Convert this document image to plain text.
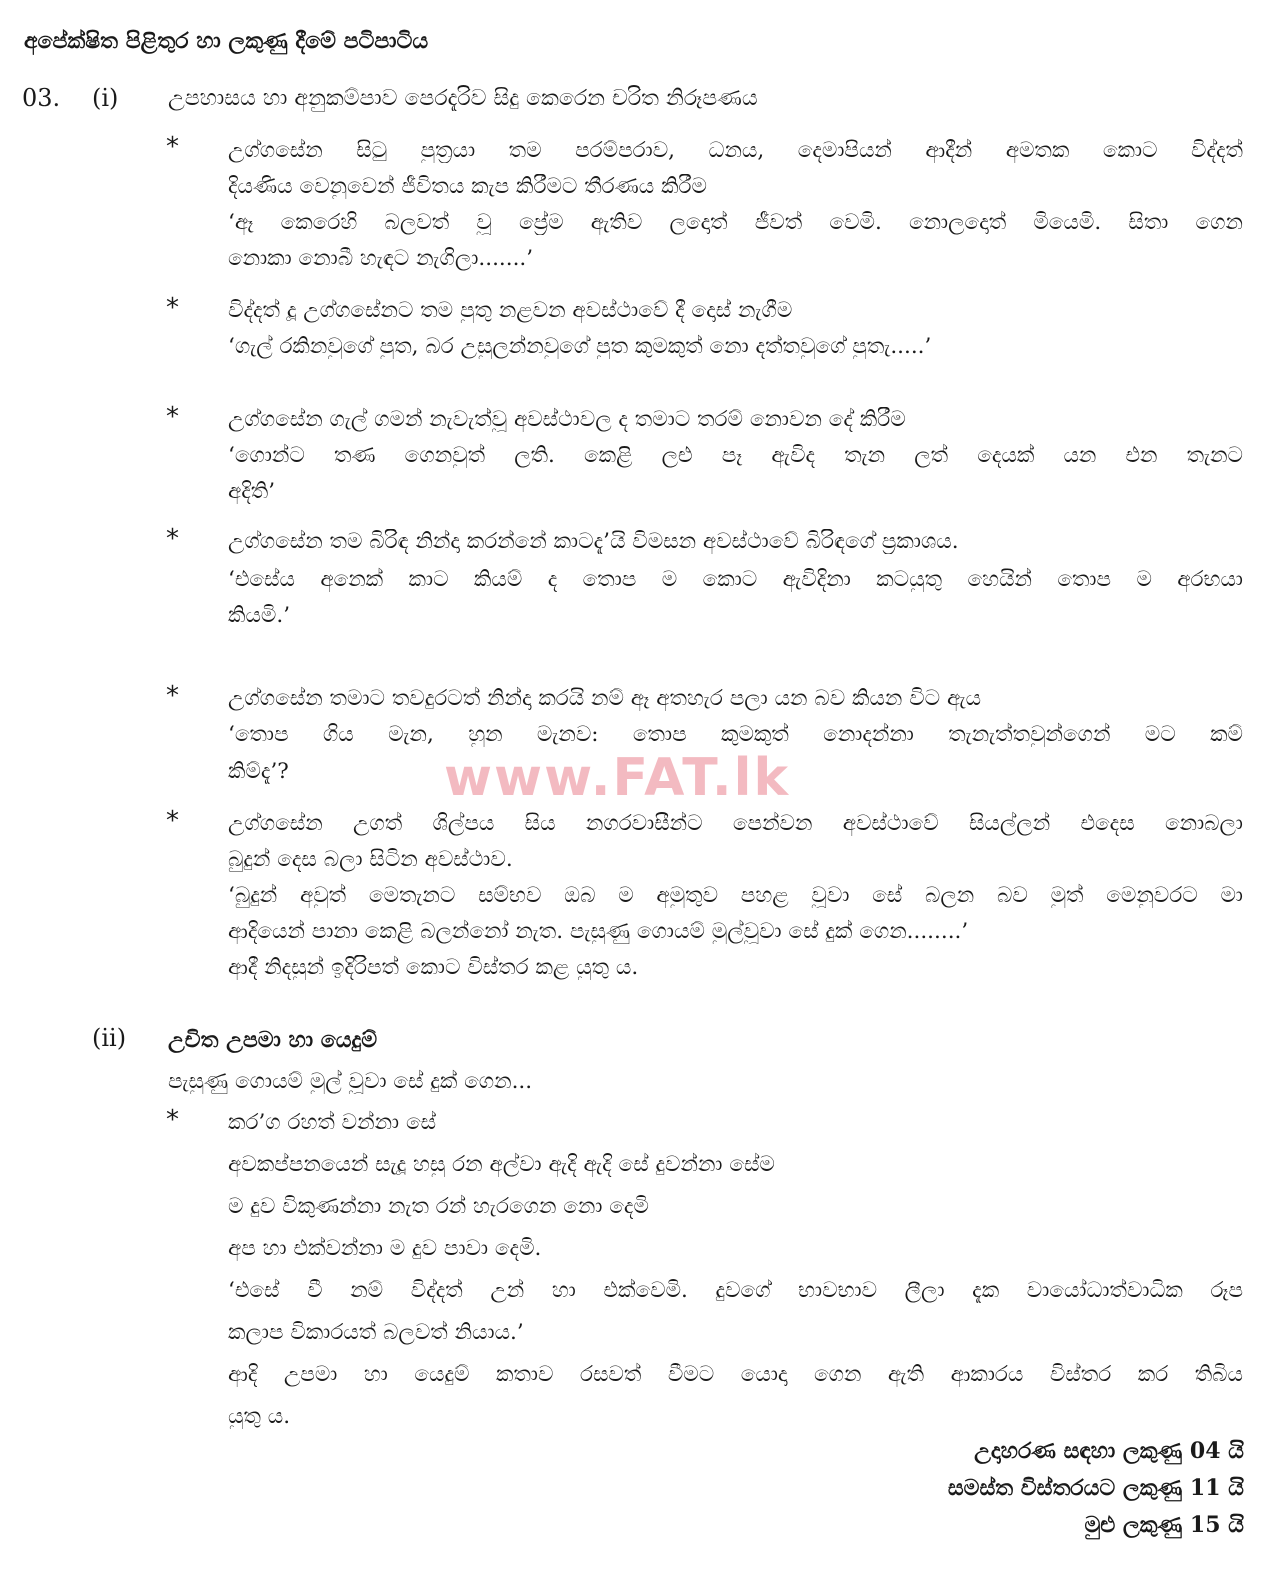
අපේක්ෂිත පිළිතුර හා ලකුණු දීමේ පටිපාටිය
03. (i) උපහාසය හා අනුකම්පාව පෙරදැරිව සිදු කෙරෙන චරිත නිරූපණය
* උග්ගසේන සිටු පුත්‍රයා තම පරම්පරාව, ධනය, දෙමාපියන් ආදීන් අමතක කොට විද්දත්
දියණිය වෙනුවෙන් ජීවිතය කැප කිරීමට තීරණය කිරීම
‘ඈ කෙරෙහි බලවත් වූ ප්‍රේම ඇතිව ලදොත් ජීවත් වෙමි. නොලදොත් මියෙමි. සිතා ගෙන
නොකා නොබී හැඳට නැගිලා.......’
* විද්දත් දූ උග්ගසේනට තම පුතු නළවන අවස්ථාවේ දී දොස් නැගීම
‘ගැල් රකිනවුගේ පුත, බර උසුලන්නවුගේ පුත කුමකුත් නො දත්තවුගේ පුතැ.....’
* උග්ගසේන ගැල් ගමන් නැවැත්වූ අවස්ථාවල ද තමාට තරම් නොවන දේ කිරීම
‘ගොන්ට තණ ගෙනවුත් ලති. කෙළි ලළු පෑ ඇවිද තැන ලත් දෙයක් යන එන තැනට
අදිති’
* උග්ගසේන තම බිරිඳ නින්දා කරන්නේ කාටදැ’යි විමසන අවස්ථාවේ බිරිඳගේ ප්‍රකාශය.
‘එසේය අනෙක් කාට කියම් ද තොප ම කොට ඇවිදිනා කටයුතු හෙයින් තොප ම අරභයා
කියමි.’
* උග්ගසේන තමාට තවදුරටත් නින්දා කරයි නම් ඈ අතහැර පලා යන බව කියන විට ඇය
‘තොප ගිය මැන, හුන මැනව: තොප කුමකුත් නොදන්නා තැනැත්තවුන්ගෙන් මට කම්
කිම්දැ’?	www.FAT.lk
* උග්ගසේන උගත් ශිල්පය සිය නගරවාසීන්ට පෙන්වන අවස්ථාවේ සියල්ලන් එදෙස නොබලා
බුදුන් දෙස බලා සිටින අවස්ථාව.
‘බුදුන් අවුත් මෙතැනට සම්භව ඔබ ම අමුතුව පහළ වූවා සේ බලන බව මුත් මෙනුවරට මා
ආදියෙන් පානා කෙළි බලන්නෝ නැත. පැසුණු ගොයම් මුල්වූවා සේ දුක් ගෙන........’
ආදී නිදසුන් ඉදිරිපත් කොට විස්තර කළ යුතු ය.
(ii) උචිත උපමා හා යෙදුම්
පැසුණු ගොයම් මුල් වූවා සේ දුක් ගෙන...
* කර’ග රහත් වන්නා සේ
අවකප්පනයෙන් සැදූ හසු රන අල්වා ඇදි ඇදි සේ දුවන්නා සේම
ම දුව විකුණන්නා නැත රන් හැරගෙන නො දෙමි
අප හා එක්වන්නා ම දුව පාවා දෙමි.
‘එසේ වී නම් විද්දත් උන් හා එක්වෙමි. දුවගේ භාවභාව ලීලා දැක වායෝධාත්වාධික රූප
කලාප විකාරයත් බලවත් නියාය.’
ආදි උපමා හා යෙදුම් කතාව රසවත් වීමට යොදා ගෙන ඇති ආකාරය විස්තර කර තිබිය
යුතු ය.
උදාහරණ සඳහා ලකුණු 04 යි
සමස්ත විස්තරයට ලකුණු 11 යි
මුළු ලකුණු 15 යි
